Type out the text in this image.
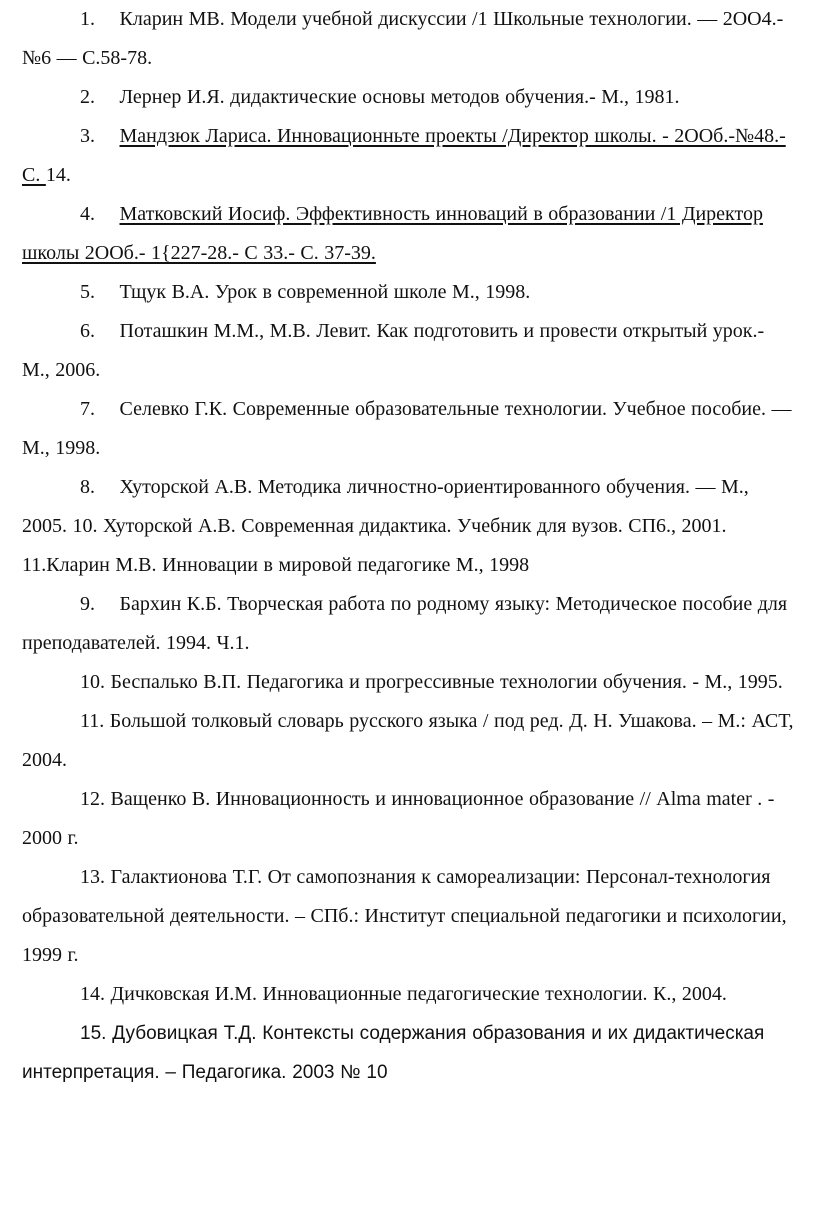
1. Кларин МВ. Модели учебной дискуссии /1 Школьные технологии. — 2ОО4.-№6 — С.58-78.

2. Лернер И.Я. дидактические основы методов обучения.- М., 1981.

3. Мандзюк Лариса. Инновационньте проекты /Директор школы. - 2ООб.-№48.- С. 14.

4. Матковский Иосиф. Эффективность инноваций в образовании /1 Директор школы 2ООб.- 1{227-28.- С 33.- С. 37-39.

5. Тщук В.А. Урок в современной школе М., 1998.

6. Поташкин М.М., М.В. Левит. Как подготовить и провести открытый урок.- М., 2006.

7. Селевко Г.К. Современные образовательные технологии. Учебное пособие. — М., 1998.

8. Хуторской А.В. Методика личностно-ориентированного обучения. — М., 2005. 10. Хуторской А.В. Современная дидактика. Учебник для вузов. СП6., 2001. 11.Кларин М.В. Инновации в мировой педагогике М., 1998

9. Бархин К.Б. Творческая работа по родному языку: Методическое пособие для преподавателей. 1994. Ч.1.

10. Беспалько В.П. Педагогика и прогрессивные технологии обучения. - М., 1995.

11. Большой толковый словарь русского языка / под ред. Д. Н. Ушакова. – М.: АСТ, 2004.

12. Ващенко В. Инновационность и инновационное образование // Alma mater . - 2000 г.

13. Галактионова Т.Г. От самопознания к самореализации: Персонал-технология образовательной деятельности. – СПб.: Институт специальной педагогики и психологии, 1999 г.

14. Дичковская И.М. Инновационные педагогические технологии. К., 2004.

15. Дубовицкая Т.Д. Контексты содержания образования и их дидактическая интерпретация. – Педагогика. 2003 № 10
